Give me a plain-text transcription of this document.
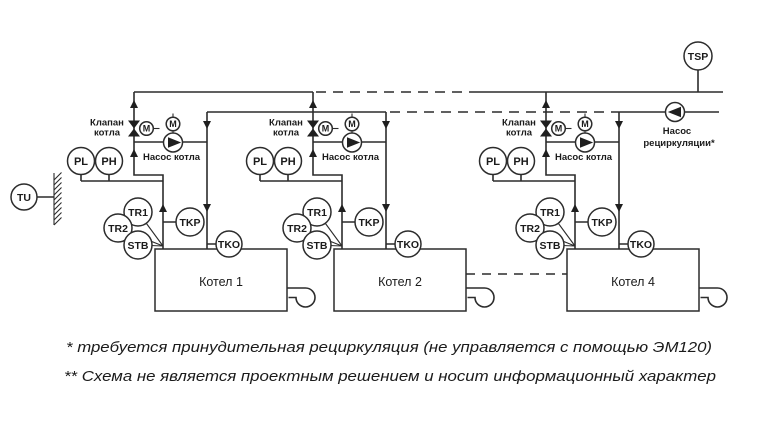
TSP
Насос
рециркуляции*
TU
Котел 1
M M
Клапан
котла
Насос котла
PL PH
TR1
TR2
STB
TKP
TKO
Котел 2
M M
Клапан
котла
Насос котла
PL PH
TR1
TR2
STB
TKP
TKO
Котел 4
M M
Клапан
котла
Насос котла
PL PH
TR1
TR2
STB
TKP
TKO
* требуется принудительная рециркуляция (не управляется с помощью ЭМ120)
** Схема не является проектным решением и носит информационный характер
